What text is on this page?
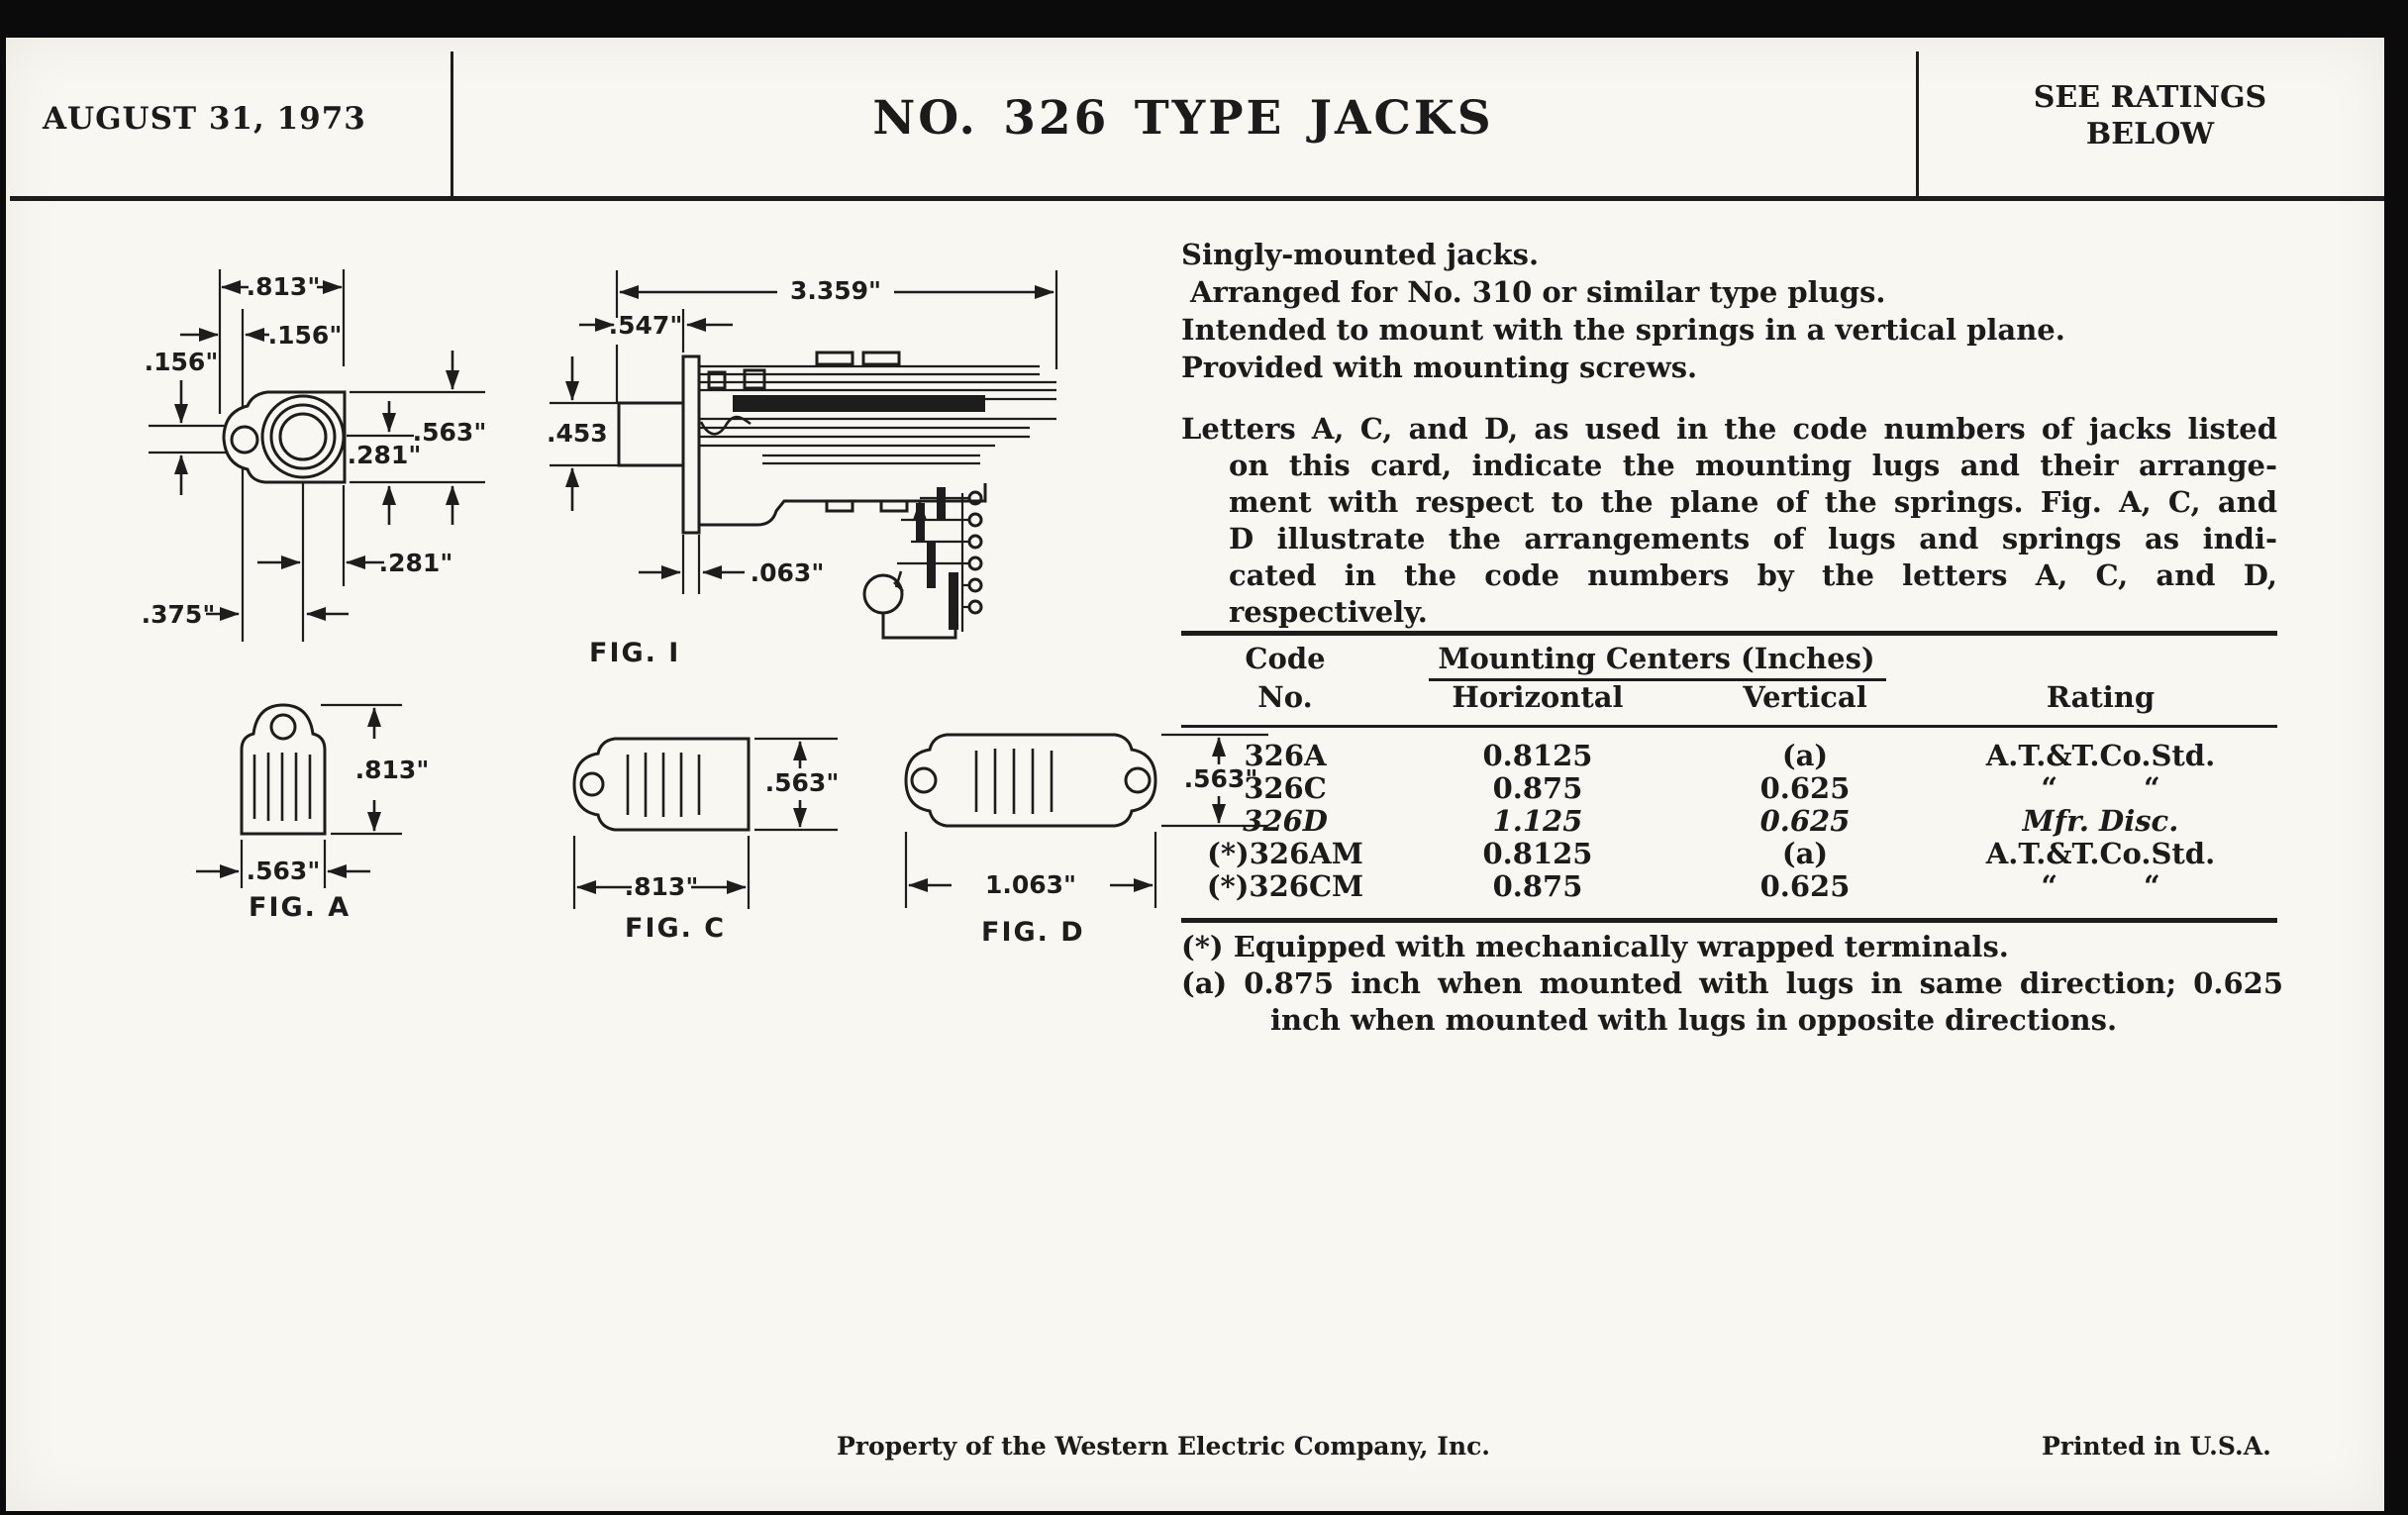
AUGUST 31, 1973	NO. 326 TYPE JACKS	SEE RATINGS
BELOW
.813"
.156"
.156"
.563"
.281"
.281"
.375"
3.359"
.547"
.453
.063"
FIG. I
.813"
.563"
FIG. A
.563"
.813"
FIG. C
.563"
1.063"
FIG. D
Singly-mounted jacks.
Arranged for No. 310 or similar type plugs.
Intended to mount with the springs in a vertical plane.
Provided with mounting screws.
Letters A, C, and D, as used in the code numbers of jacks listed
on this card, indicate the mounting lugs and their arrange-
ment with respect to the plane of the springs. Fig. A, C, and
D illustrate the arrangements of lugs and springs as indi-
cated in the code numbers by the letters A, C, and D,
respectively.
Code	Mounting Centers (Inches)
No.	Horizontal	Vertical	Rating
326A	0.8125	(a)	A.T.&T.Co.Std.
326C	0.875	0.625	“   “
326D	1.125	0.625	Mfr. Disc.
(*)326AM	0.8125	(a)	A.T.&T.Co.Std.
(*)326CM	0.875	0.625	“   “
(*) Equipped with mechanically wrapped terminals.
(a) 0.875 inch when mounted with lugs in same direction; 0.625
inch when mounted with lugs in opposite directions.
Property of the Western Electric Company, Inc.	Printed in U.S.A.
